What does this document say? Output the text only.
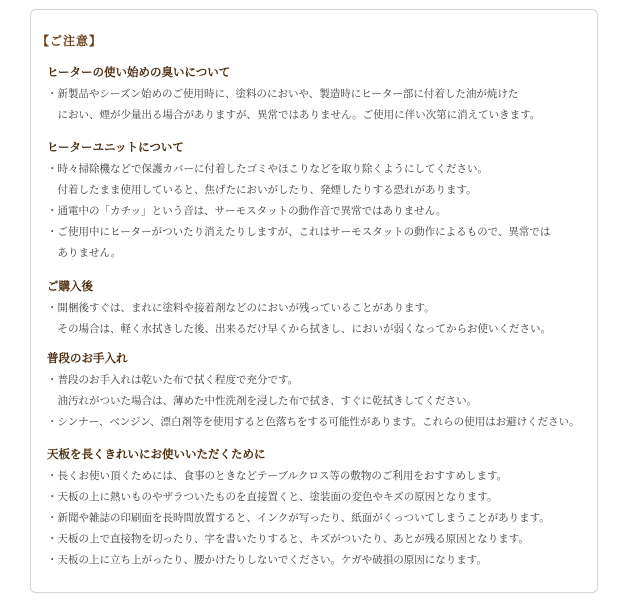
【ご注意】
ヒーターの使い始めの臭いについて
・新製品やシーズン始めのご使用時に、塗料のにおいや、製造時にヒーター部に付着した油が焼けた
　におい、煙が少量出る場合がありますが、異常ではありません。ご使用に伴い次第に消えていきます。
ヒーターユニットについて
・時々掃除機などで保護カバーに付着したゴミやほこりなどを取り除くようにしてください。
　付着したまま使用していると、焦げたにおいがしたり、発煙したりする恐れがあります。
・通電中の「カチッ」という音は、サーモスタットの動作音で異常ではありません。
・ご使用中にヒーターがついたり消えたりしますが、これはサーモスタットの動作によるもので、異常では
　ありません。
ご購入後
・開梱後すぐは、まれに塗料や接着剤などのにおいが残っていることがあります。
　その場合は、軽く水拭きした後、出来るだけ早くから拭きし、においが弱くなってからお使いください。
普段のお手入れ
・普段のお手入れは乾いた布で拭く程度で充分です。
　油汚れがついた場合は、薄めた中性洗剤を浸した布で拭き、すぐに乾拭きしてください。
・シンナー、ベンジン、漂白剤等を使用すると色落ちをする可能性があります。これらの使用はお避けください。
天板を長くきれいにお使いいただくために
・長くお使い頂くためには、食事のときなどテーブルクロス等の敷物のご利用をおすすめします。
・天板の上に熱いものやザラついたものを直接置くと、塗装面の変色やキズの原因となります。
・新聞や雑誌の印刷面を長時間放置すると、インクが写ったり、紙面がくっついてしまうことがあります。
・天板の上で直接物を切ったり、字を書いたりすると、キズがついたり、あとが残る原因となります。
・天板の上に立ち上がったり、腰かけたりしないでください。ケガや破損の原因になります。
